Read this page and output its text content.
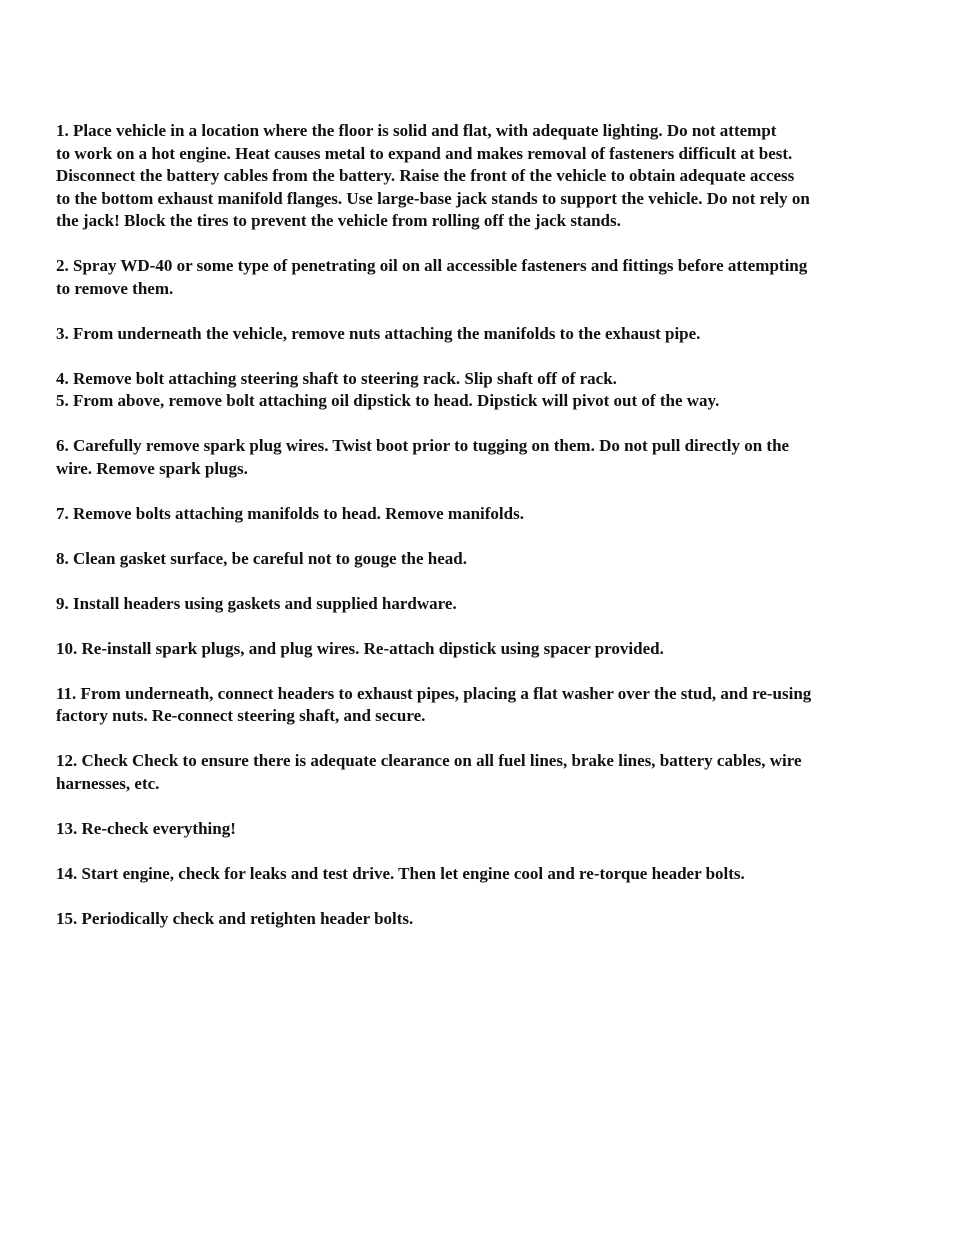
1. Place vehicle in a location where the floor is solid and flat, with adequate lighting. Do not attempt
to work on a hot engine. Heat causes metal to expand and makes removal of fasteners difficult at best.
Disconnect the battery cables from the battery. Raise the front of the vehicle to obtain adequate access
to the bottom exhaust manifold flanges. Use large-base jack stands to support the vehicle. Do not rely on
the jack! Block the tires to prevent the vehicle from rolling off the jack stands.

2. Spray WD-40 or some type of penetrating oil on all accessible fasteners and fittings before attempting
to remove them.

3. From underneath the vehicle, remove nuts attaching the manifolds to the exhaust pipe.

4. Remove bolt attaching steering shaft to steering rack. Slip shaft off of rack.

5. From above, remove bolt attaching oil dipstick to head. Dipstick will pivot out of the way.

6. Carefully remove spark plug wires. Twist boot prior to tugging on them. Do not pull directly on the
wire. Remove spark plugs.

7. Remove bolts attaching manifolds to head. Remove manifolds.

8. Clean gasket surface, be careful not to gouge the head.

9. Install headers using gaskets and supplied hardware.

10. Re-install spark plugs, and plug wires. Re-attach dipstick using spacer provided.

11. From underneath, connect headers to exhaust pipes, placing a flat washer over the stud, and re-using
factory nuts. Re-connect steering shaft, and secure.

12. Check Check to ensure there is adequate clearance on all fuel lines, brake lines, battery cables, wire
harnesses, etc.

13. Re-check everything!

14. Start engine, check for leaks and test drive. Then let engine cool and re-torque header bolts.

15. Periodically check and retighten header bolts.
